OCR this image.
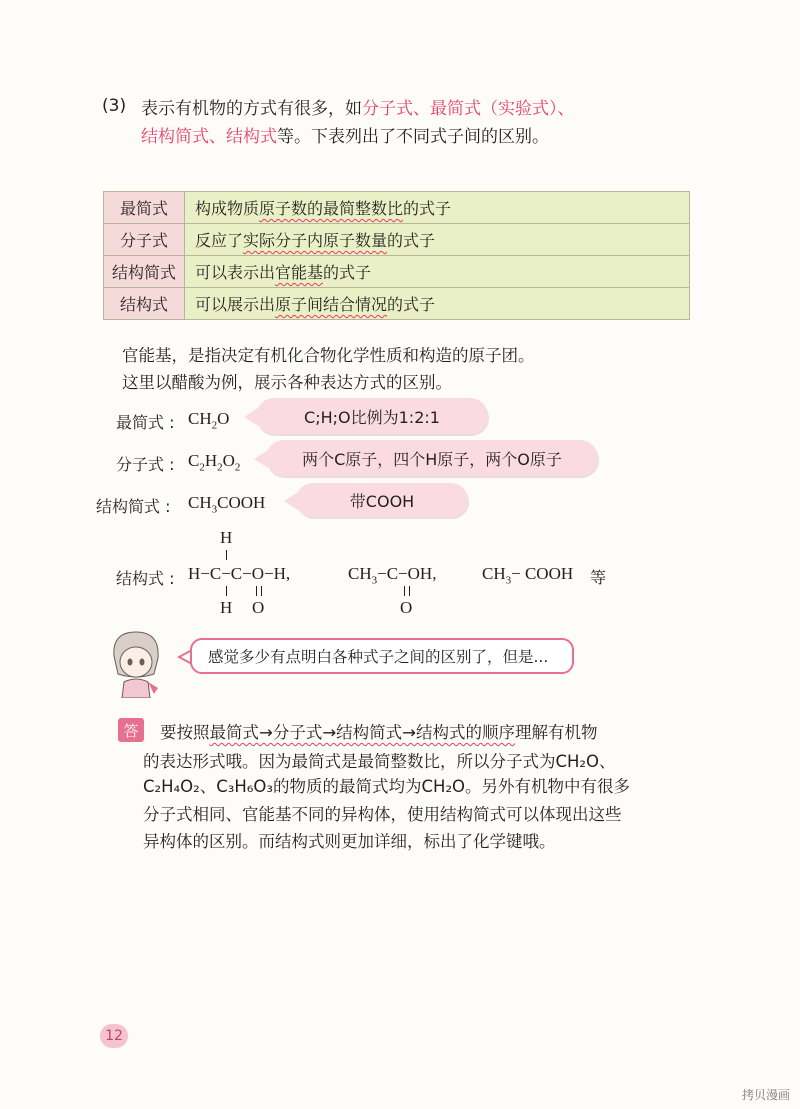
(3) 表示有机物的方式有很多，如分子式、最简式（实验式）、
结构简式、结构式等。下表列出了不同式子间的区别。
最简式	构成物质原子数的最简整数比的式子
分子式	反应了实际分子内原子数量的式子
结构简式	可以表示出官能基的式子
结构式	可以展示出原子间结合情况的式子
官能基，是指决定有机化合物化学性质和构造的原子团。
这里以醋酸为例，展示各种表达方式的区别。
最简式 : $CH_2O$	C;H;O比例为1:2:1
分子式 : $C_2H_2O_2$	两个C原子，四个H原子，两个O原子
结构简式 : $CH_3COOH$	带COOH
结构式 :
H
H−C−C−O−H,
H O
$CH_3-C-OH$,
O
$CH_3-$ COOH 等
感觉多少有点明白各种式子之间的区别了，但是...
答	要按照最简式→分子式→结构简式→结构式的顺序理解有机物
的表达形式哦。因为最简式是最简整数比，所以分子式为CH₂O、
C₂H₄O₂、C₃H₆O₃的物质的最简式均为CH₂O。另外有机物中有很多
分子式相同、官能基不同的异构体，使用结构简式可以体现出这些
异构体的区别。而结构式则更加详细，标出了化学键哦。
12
拷贝漫画
